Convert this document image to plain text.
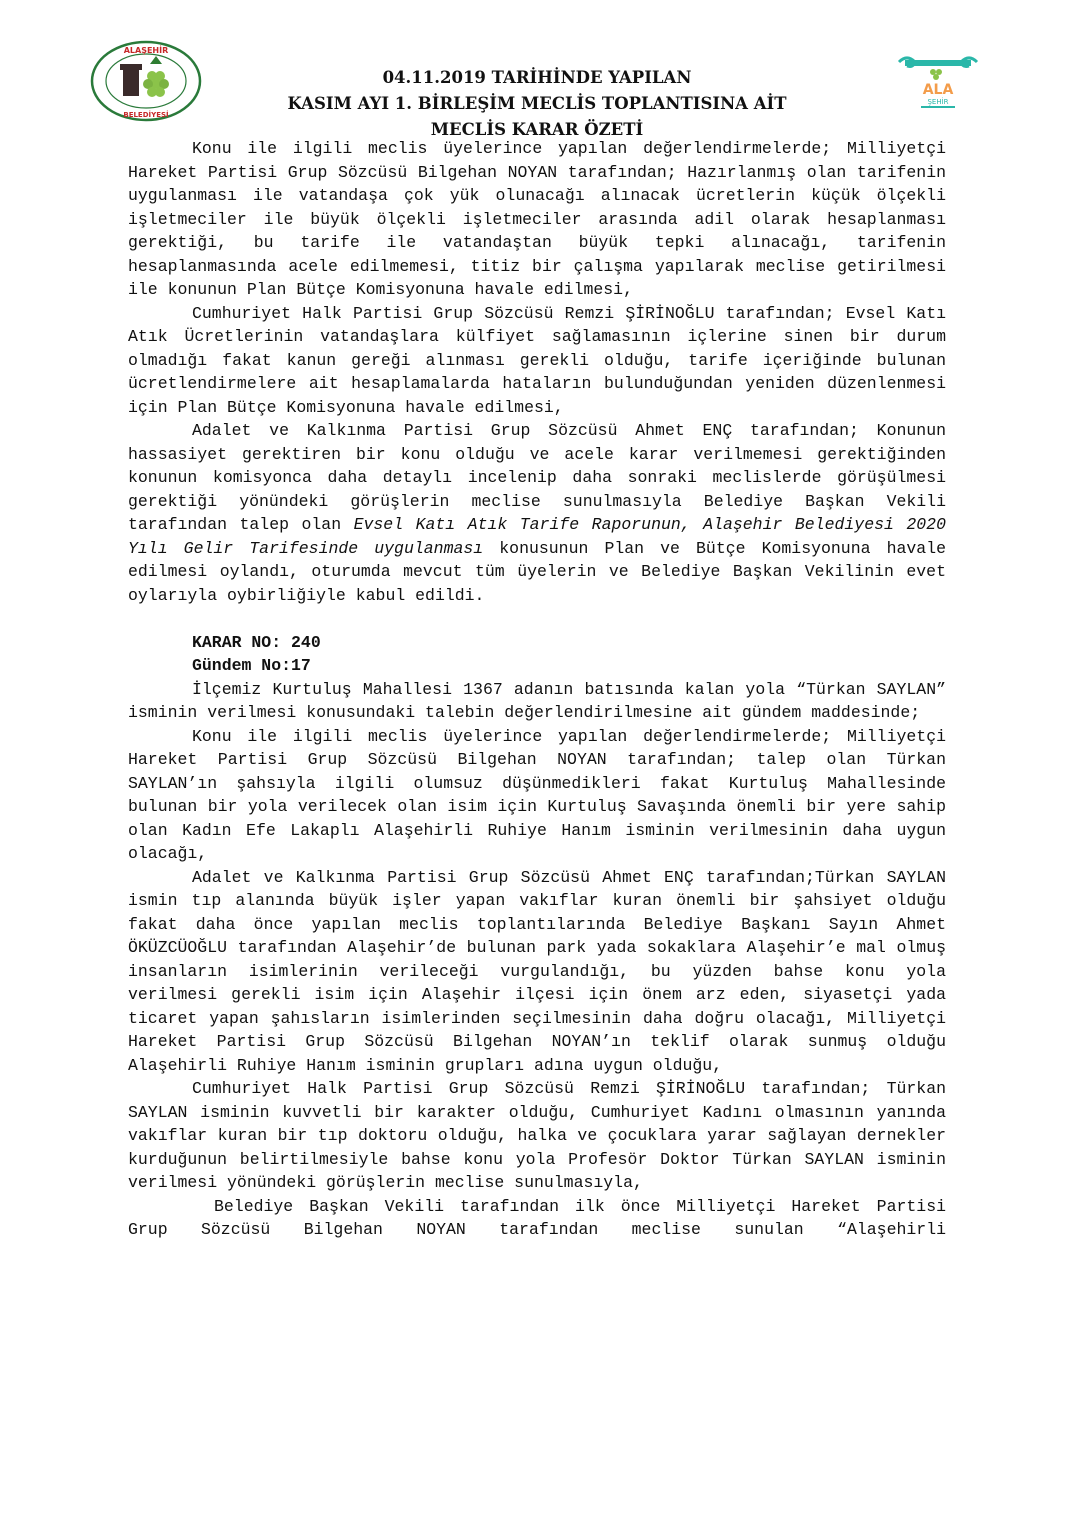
ALAŞEHİR
BELEDİYESİ
ALA
ŞEHİR
04.11.2019 TARİHİNDE YAPILAN
KASIM AYI 1. BİRLEŞİM MECLİS TOPLANTISINA AİT
MECLİS KARAR ÖZETİ

Konu ile ilgili meclis üyelerince yapılan değerlendirmelerde; Milliyetçi Hareket Partisi Grup Sözcüsü Bilgehan NOYAN tarafından; Hazırlanmış olan tarifenin uygulanması ile vatandaşa çok yük olunacağı alınacak ücretlerin küçük ölçekli işletmeciler ile büyük ölçekli işletmeciler arasında adil olarak hesaplanması gerektiği, bu tarife ile vatandaştan büyük tepki alınacağı, tarifenin hesaplanmasında acele edilmemesi, titiz bir çalışma yapılarak meclise getirilmesi ile konunun Plan Bütçe Komisyonuna havale edilmesi,

Cumhuriyet Halk Partisi Grup Sözcüsü Remzi ŞİRİNOĞLU tarafından; Evsel Katı Atık Ücretlerinin vatandaşlara külfiyet sağlamasının içlerine sinen bir durum olmadığı fakat kanun gereği alınması gerekli olduğu, tarife içeriğinde bulunan ücretlendirmelere ait hesaplamalarda hataların bulunduğundan yeniden düzenlenmesi için Plan Bütçe Komisyonuna havale edilmesi,

Adalet ve Kalkınma Partisi Grup Sözcüsü Ahmet ENÇ tarafından; Konunun hassasiyet gerektiren bir konu olduğu ve acele karar verilmemesi gerektiğinden konunun komisyonca daha detaylı incelenip daha sonraki meclislerde görüşülmesi gerektiği yönündeki görüşlerin meclise sunulmasıyla Belediye Başkan Vekili tarafından talep olan Evsel Katı Atık Tarife Raporunun, Alaşehir Belediyesi 2020 Yılı Gelir Tarifesinde uygulanması konusunun Plan ve Bütçe Komisyonuna havale edilmesi oylandı, oturumda mevcut tüm üyelerin ve Belediye Başkan Vekilinin evet oylarıyla oybirliğiyle kabul edildi.

KARAR NO: 240

Gündem No:17

İlçemiz Kurtuluş Mahallesi 1367 adanın batısında kalan yola “Türkan SAYLAN” isminin verilmesi konusundaki talebin değerlendirilmesine ait gündem maddesinde;

Konu ile ilgili meclis üyelerince yapılan değerlendirmelerde; Milliyetçi Hareket Partisi Grup Sözcüsü Bilgehan NOYAN tarafından; talep olan Türkan SAYLAN’ın şahsıyla ilgili olumsuz düşünmedikleri fakat Kurtuluş Mahallesinde bulunan bir yola verilecek olan isim için Kurtuluş Savaşında önemli bir yere sahip olan Kadın Efe Lakaplı Alaşehirli Ruhiye Hanım isminin verilmesinin daha uygun olacağı,

Adalet ve Kalkınma Partisi Grup Sözcüsü Ahmet ENÇ tarafından;Türkan SAYLAN ismin tıp alanında büyük işler yapan vakıflar kuran önemli bir şahsiyet olduğu fakat daha önce yapılan meclis toplantılarında Belediye Başkanı Sayın Ahmet ÖKÜZCÜOĞLU tarafından Alaşehir’de bulunan park yada sokaklara Alaşehir’e mal olmuş insanların isimlerinin verileceği vurgulandığı, bu yüzden bahse konu yola verilmesi gerekli isim için Alaşehir ilçesi için önem arz eden, siyasetçi yada ticaret yapan şahısların isimlerinden seçilmesinin daha doğru olacağı, Milliyetçi Hareket Partisi Grup Sözcüsü Bilgehan NOYAN’ın teklif olarak sunmuş olduğu Alaşehirli Ruhiye Hanım isminin grupları adına uygun olduğu,

Cumhuriyet Halk Partisi Grup Sözcüsü Remzi ŞİRİNOĞLU tarafından; Türkan SAYLAN isminin kuvvetli bir karakter olduğu, Cumhuriyet Kadını olmasının yanında vakıflar kuran bir tıp doktoru olduğu, halka ve çocuklara yarar sağlayan dernekler kurduğunun belirtilmesiyle bahse konu yola Profesör Doktor Türkan SAYLAN isminin verilmesi yönündeki görüşlerin meclise sunulmasıyla,

Belediye Başkan Vekili tarafından ilk önce Milliyetçi Hareket Partisi Grup Sözcüsü Bilgehan NOYAN tarafından meclise sunulan “Alaşehirli
